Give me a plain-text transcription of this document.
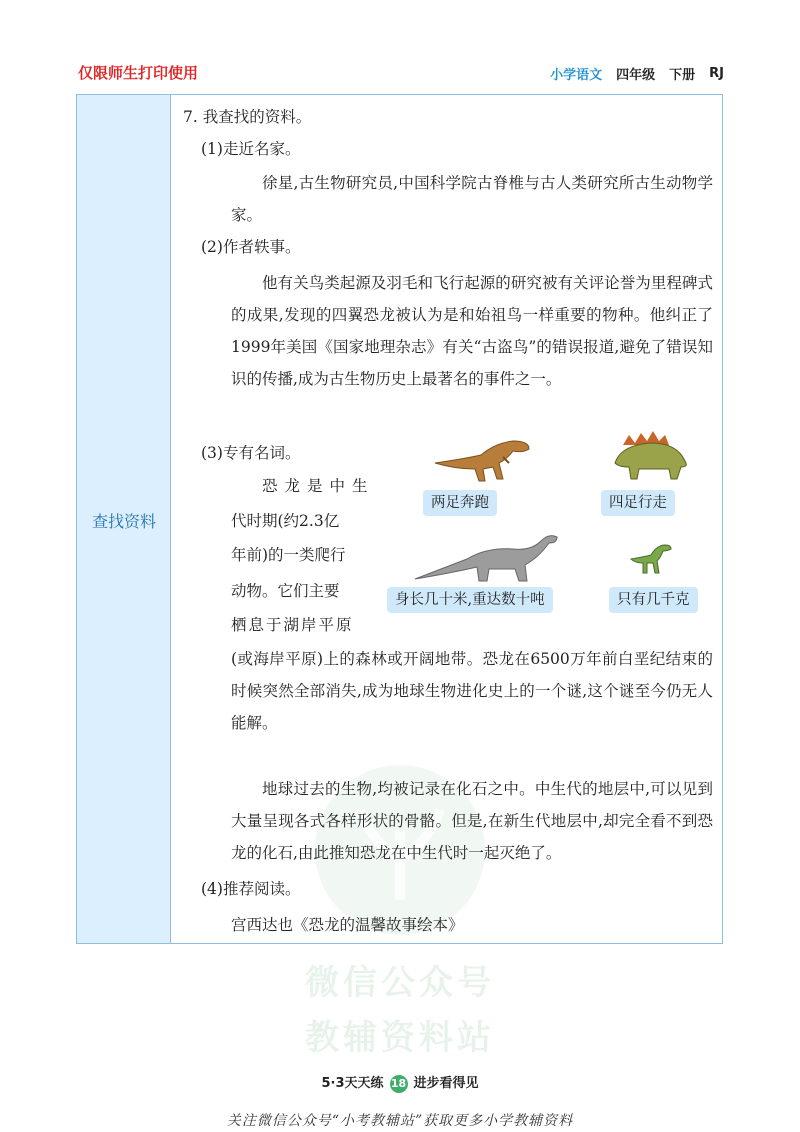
仅限师生打印使用	小学语文 四年级 下册 RJ
微信公众号
教辅资料站
查找资料
7. 我查找的资料。
(1)走近名家。
徐星,古生物研究员,中国科学院古脊椎与古人类研究所古生动物学家。
(2)作者轶事。
他有关鸟类起源及羽毛和飞行起源的研究被有关评论誉为里程碑式的成果,发现的四翼恐龙被认为是和始祖鸟一样重要的物种。他纠正了1999年美国《国家地理杂志》有关“古盗鸟”的错误报道,避免了错误知识的传播,成为古生物历史上最著名的事件之一。
(3)专有名词。
恐龙是中生
代时期(约2.3亿
年前)的一类爬行
动物。它们主要
栖息于湖岸平原
两足奔跑	四足行走
身长几十米,重达数十吨	只有几千克
(或海岸平原)上的森林或开阔地带。恐龙在6500万年前白垩纪结束的时候突然全部消失,成为地球生物进化史上的一个谜,这个谜至今仍无人能解。
地球过去的生物,均被记录在化石之中。中生代的地层中,可以见到大量呈现各式各样形状的骨骼。但是,在新生代地层中,却完全看不到恐龙的化石,由此推知恐龙在中生代时一起灭绝了。
(4)推荐阅读。
宫西达也《恐龙的温馨故事绘本》
5·3天天练 18 进步看得见
关注微信公众号“小考教辅站”获取更多小学教辅资料
